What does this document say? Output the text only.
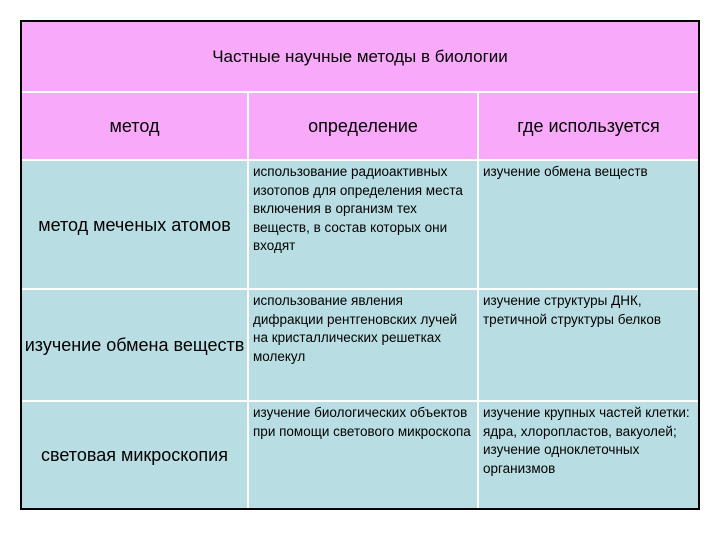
Частные научные методы в биологии
метод	определение	где используется
метод меченых атомов
использование радиоактивных изотопов для определения места включения в организм тех веществ, в состав которых они входят
изучение обмена веществ
изучение обмена веществ
использование явления дифракции рентгеновских лучей на кристаллических решетках молекул
изучение структуры ДНК, третичной структуры белков
световая микроскопия
изучение биологических объектов при помощи светового микроскопа
изучение крупных частей клетки: ядра, хлоропластов, вакуолей; изучение одноклеточных организмов
